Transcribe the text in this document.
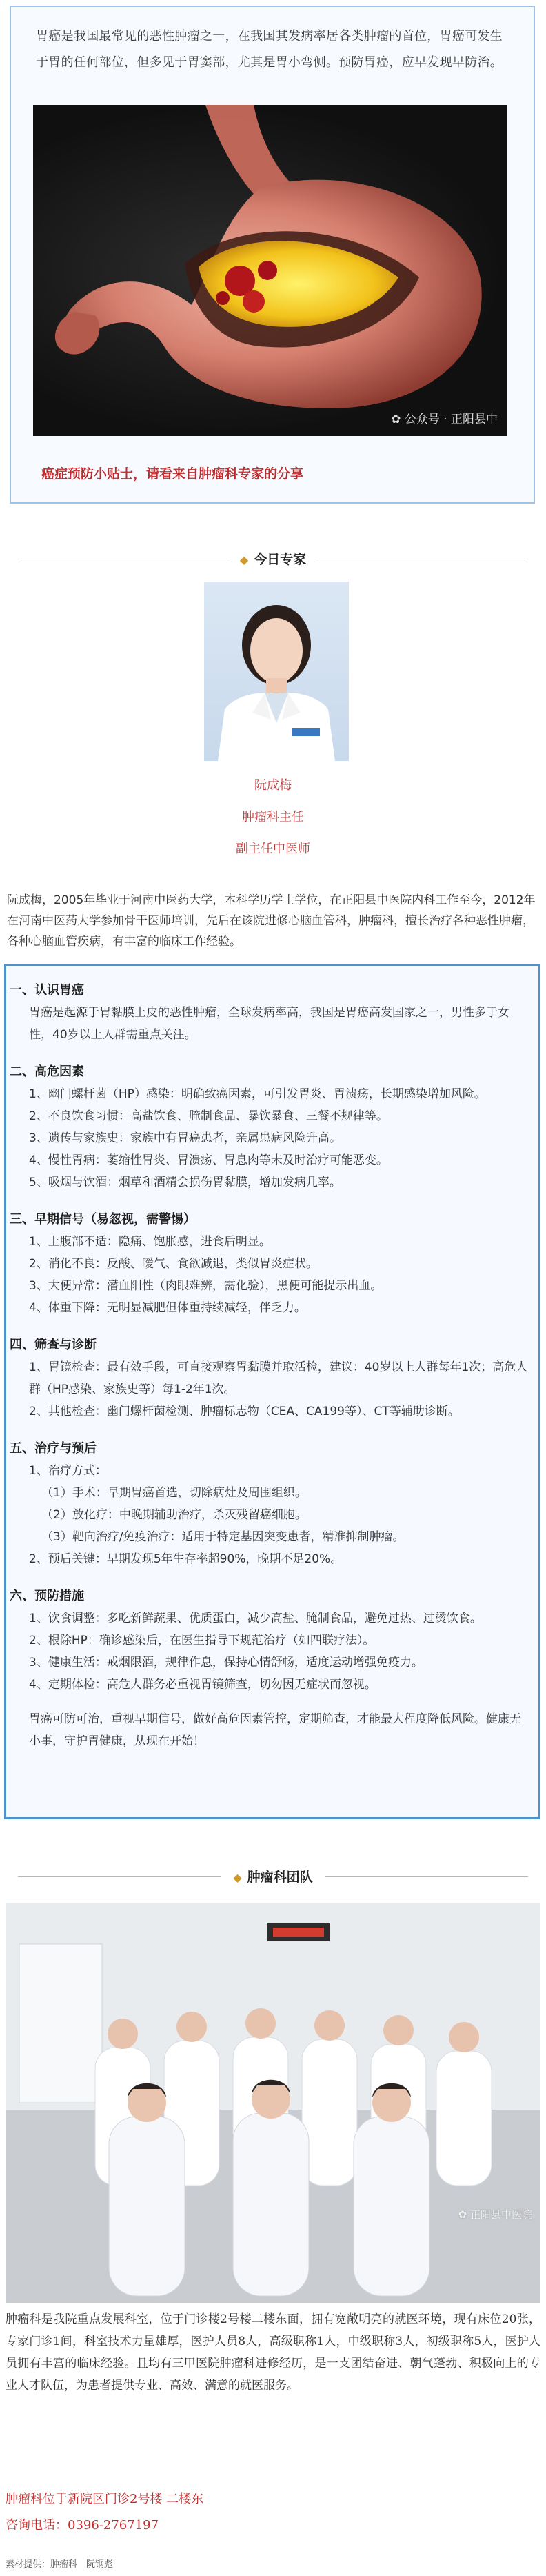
胃癌是我国最常见的恶性肿瘤之一，在我国其发病率居各类肿瘤的首位，胃癌可发生于胃的任何部位，但多见于胃窦部，尤其是胃小弯侧。预防胃癌，应早发现早防治。
✿ 公众号 · 正阳县中
癌症预防小贴士，请看来自肿瘤科专家的分享
◆ 今日专家
阮成梅
肿瘤科主任
副主任中医师
阮成梅，2005年毕业于河南中医药大学，本科学历学士学位，在正阳县中医院内科工作至今，2012年在河南中医药大学参加骨干医师培训，先后在该院进修心脑血管科，肿瘤科，擅长治疗各种恶性肿瘤，各种心脑血管疾病，有丰富的临床工作经验。
一、认识胃癌
胃癌是起源于胃黏膜上皮的恶性肿瘤，全球发病率高，我国是胃癌高发国家之一，男性多于女性，40岁以上人群需重点关注。
二、高危因素
1、幽门螺杆菌（HP）感染：明确致癌因素，可引发胃炎、胃溃疡，长期感染增加风险。
2、不良饮食习惯：高盐饮食、腌制食品、暴饮暴食、三餐不规律等。
3、遗传与家族史：家族中有胃癌患者，亲属患病风险升高。
4、慢性胃病：萎缩性胃炎、胃溃疡、胃息肉等未及时治疗可能恶变。
5、吸烟与饮酒：烟草和酒精会损伤胃黏膜，增加发病几率。
三、早期信号（易忽视，需警惕）
1、上腹部不适：隐痛、饱胀感，进食后明显。
2、消化不良：反酸、嗳气、食欲减退，类似胃炎症状。
3、大便异常：潜血阳性（肉眼难辨，需化验），黑便可能提示出血。
4、体重下降：无明显减肥但体重持续减轻，伴乏力。
四、筛查与诊断
1、胃镜检查：最有效手段，可直接观察胃黏膜并取活检，建议：40岁以上人群每年1次；高危人群（HP感染、家族史等）每1-2年1次。
2、其他检查：幽门螺杆菌检测、肿瘤标志物（CEA、CA199等）、CT等辅助诊断。
五、治疗与预后
1、治疗方式：
（1）手术：早期胃癌首选，切除病灶及周围组织。
（2）放化疗：中晚期辅助治疗，杀灭残留癌细胞。
（3）靶向治疗/免疫治疗：适用于特定基因突变患者，精准抑制肿瘤。
2、预后关键：早期发现5年生存率超90%，晚期不足20%。
六、预防措施
1、饮食调整：多吃新鲜蔬果、优质蛋白，减少高盐、腌制食品，避免过热、过烫饮食。
2、根除HP：确诊感染后，在医生指导下规范治疗（如四联疗法）。
3、健康生活：戒烟限酒，规律作息，保持心情舒畅，适度运动增强免疫力。
4、定期体检：高危人群务必重视胃镜筛查，切勿因无症状而忽视。
胃癌可防可治，重视早期信号，做好高危因素管控，定期筛查，才能最大程度降低风险。健康无小事，守护胃健康，从现在开始！
◆ 肿瘤科团队
✿ 正阳县中医院
肿瘤科是我院重点发展科室，位于门诊楼2号楼二楼东面，拥有宽敞明亮的就医环境，现有床位20张，专家门诊1间，科室技术力量雄厚，医护人员8人，高级职称1人，中级职称3人，初级职称5人，医护人员拥有丰富的临床经验。且均有三甲医院肿瘤科进修经历，是一支团结奋进、朝气蓬勃、积极向上的专业人才队伍，为患者提供专业、高效、满意的就医服务。
肿瘤科位于新院区门诊2号楼 二楼东
咨询电话：0396-2767197
素材提供：肿瘤科　阮钢彪
